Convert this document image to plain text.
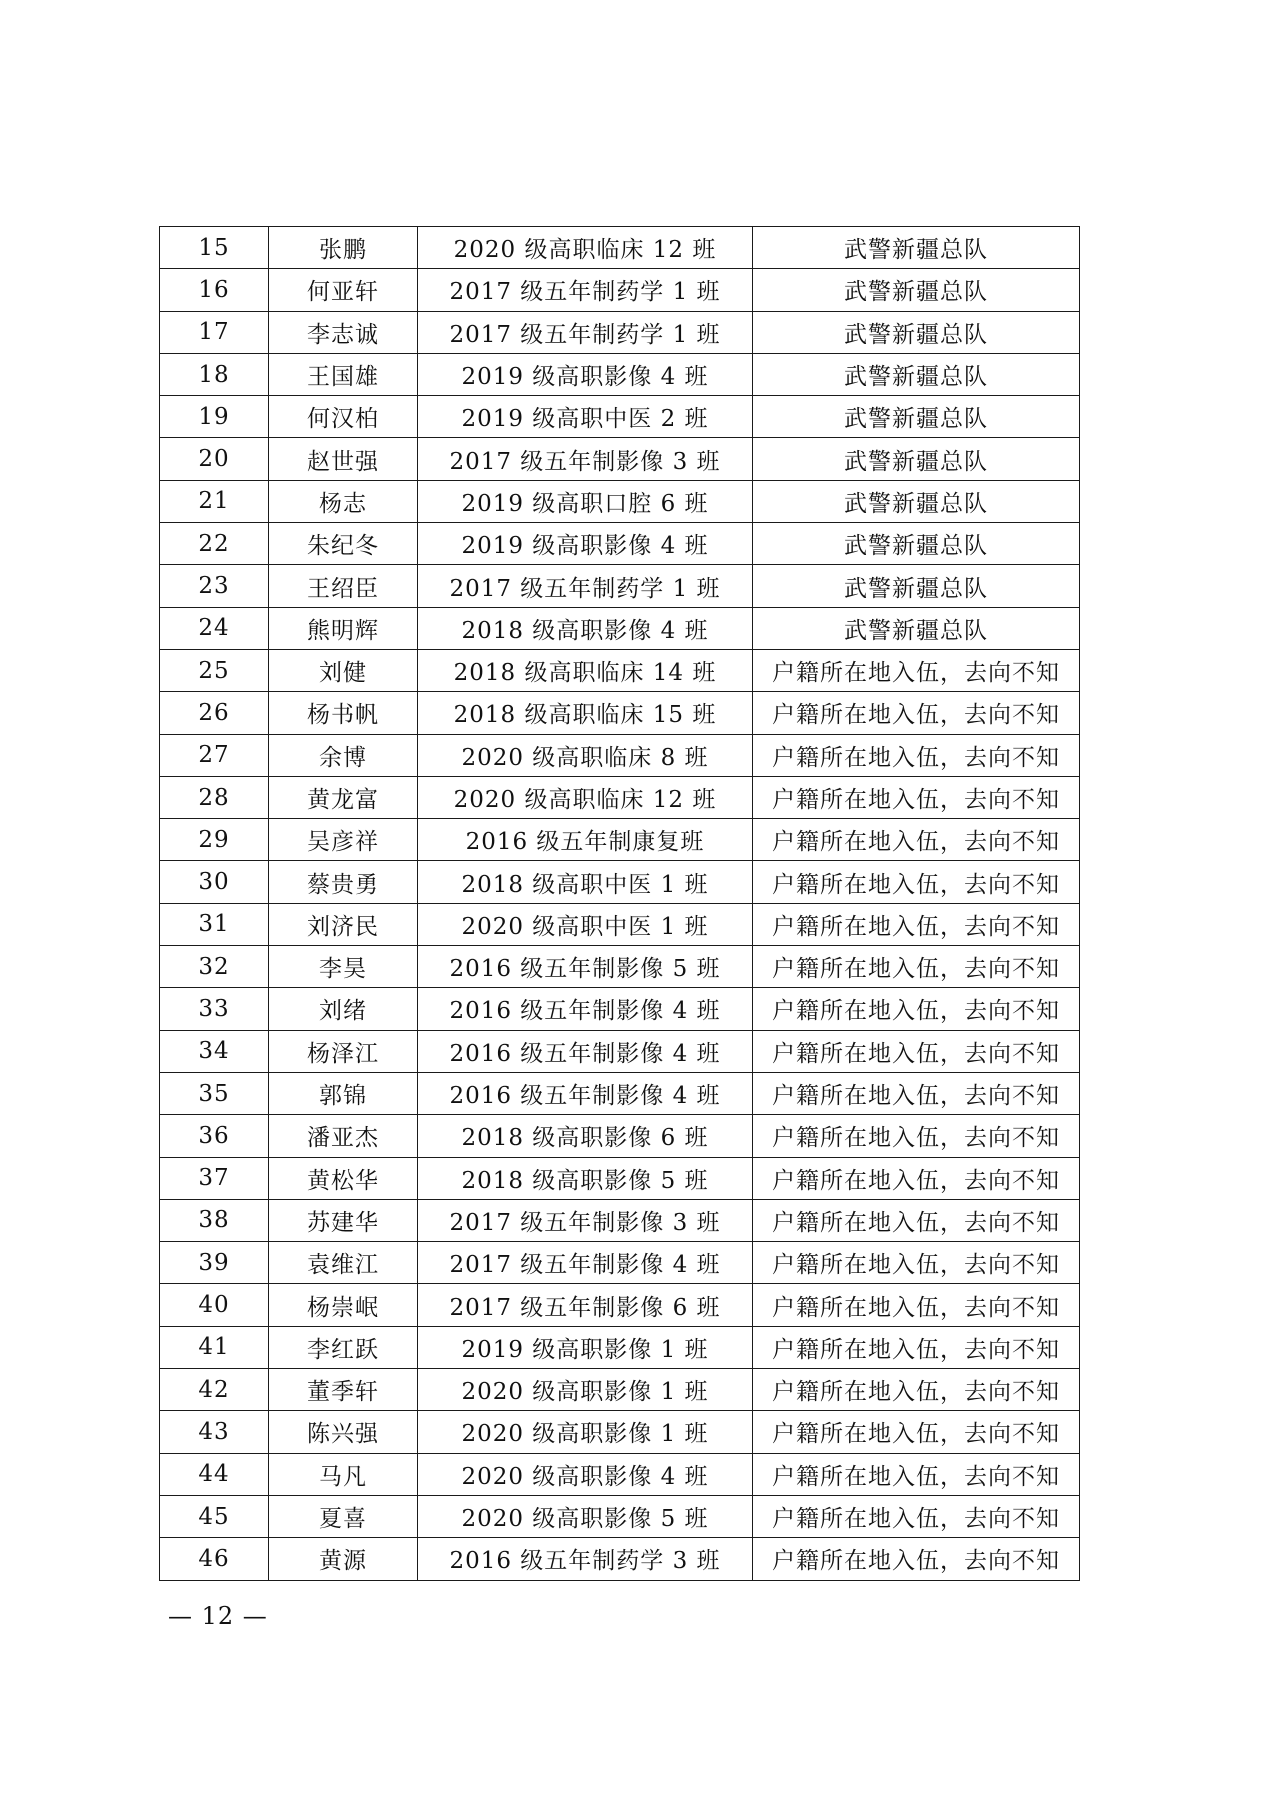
15	张鹏	2020 级高职临床 12 班	武警新疆总队
16	何亚轩	2017 级五年制药学 1 班	武警新疆总队
17	李志诚	2017 级五年制药学 1 班	武警新疆总队
18	王国雄	2019 级高职影像 4 班	武警新疆总队
19	何汉柏	2019 级高职中医 2 班	武警新疆总队
20	赵世强	2017 级五年制影像 3 班	武警新疆总队
21	杨志	2019 级高职口腔 6 班	武警新疆总队
22	朱纪冬	2019 级高职影像 4 班	武警新疆总队
23	王绍臣	2017 级五年制药学 1 班	武警新疆总队
24	熊明辉	2018 级高职影像 4 班	武警新疆总队
25	刘健	2018 级高职临床 14 班	户籍所在地入伍，去向不知
26	杨书帆	2018 级高职临床 15 班	户籍所在地入伍，去向不知
27	余博	2020 级高职临床 8 班	户籍所在地入伍，去向不知
28	黄龙富	2020 级高职临床 12 班	户籍所在地入伍，去向不知
29	吴彦祥	2016 级五年制康复班	户籍所在地入伍，去向不知
30	蔡贵勇	2018 级高职中医 1 班	户籍所在地入伍，去向不知
31	刘济民	2020 级高职中医 1 班	户籍所在地入伍，去向不知
32	李昊	2016 级五年制影像 5 班	户籍所在地入伍，去向不知
33	刘绪	2016 级五年制影像 4 班	户籍所在地入伍，去向不知
34	杨泽江	2016 级五年制影像 4 班	户籍所在地入伍，去向不知
35	郭锦	2016 级五年制影像 4 班	户籍所在地入伍，去向不知
36	潘亚杰	2018 级高职影像 6 班	户籍所在地入伍，去向不知
37	黄松华	2018 级高职影像 5 班	户籍所在地入伍，去向不知
38	苏建华	2017 级五年制影像 3 班	户籍所在地入伍，去向不知
39	袁维江	2017 级五年制影像 4 班	户籍所在地入伍，去向不知
40	杨崇岷	2017 级五年制影像 6 班	户籍所在地入伍，去向不知
41	李红跃	2019 级高职影像 1 班	户籍所在地入伍，去向不知
42	董季轩	2020 级高职影像 1 班	户籍所在地入伍，去向不知
43	陈兴强	2020 级高职影像 1 班	户籍所在地入伍，去向不知
44	马凡	2020 级高职影像 4 班	户籍所在地入伍，去向不知
45	夏喜	2020 级高职影像 5 班	户籍所在地入伍，去向不知
46	黄源	2016 级五年制药学 3 班	户籍所在地入伍，去向不知
— 12 —
